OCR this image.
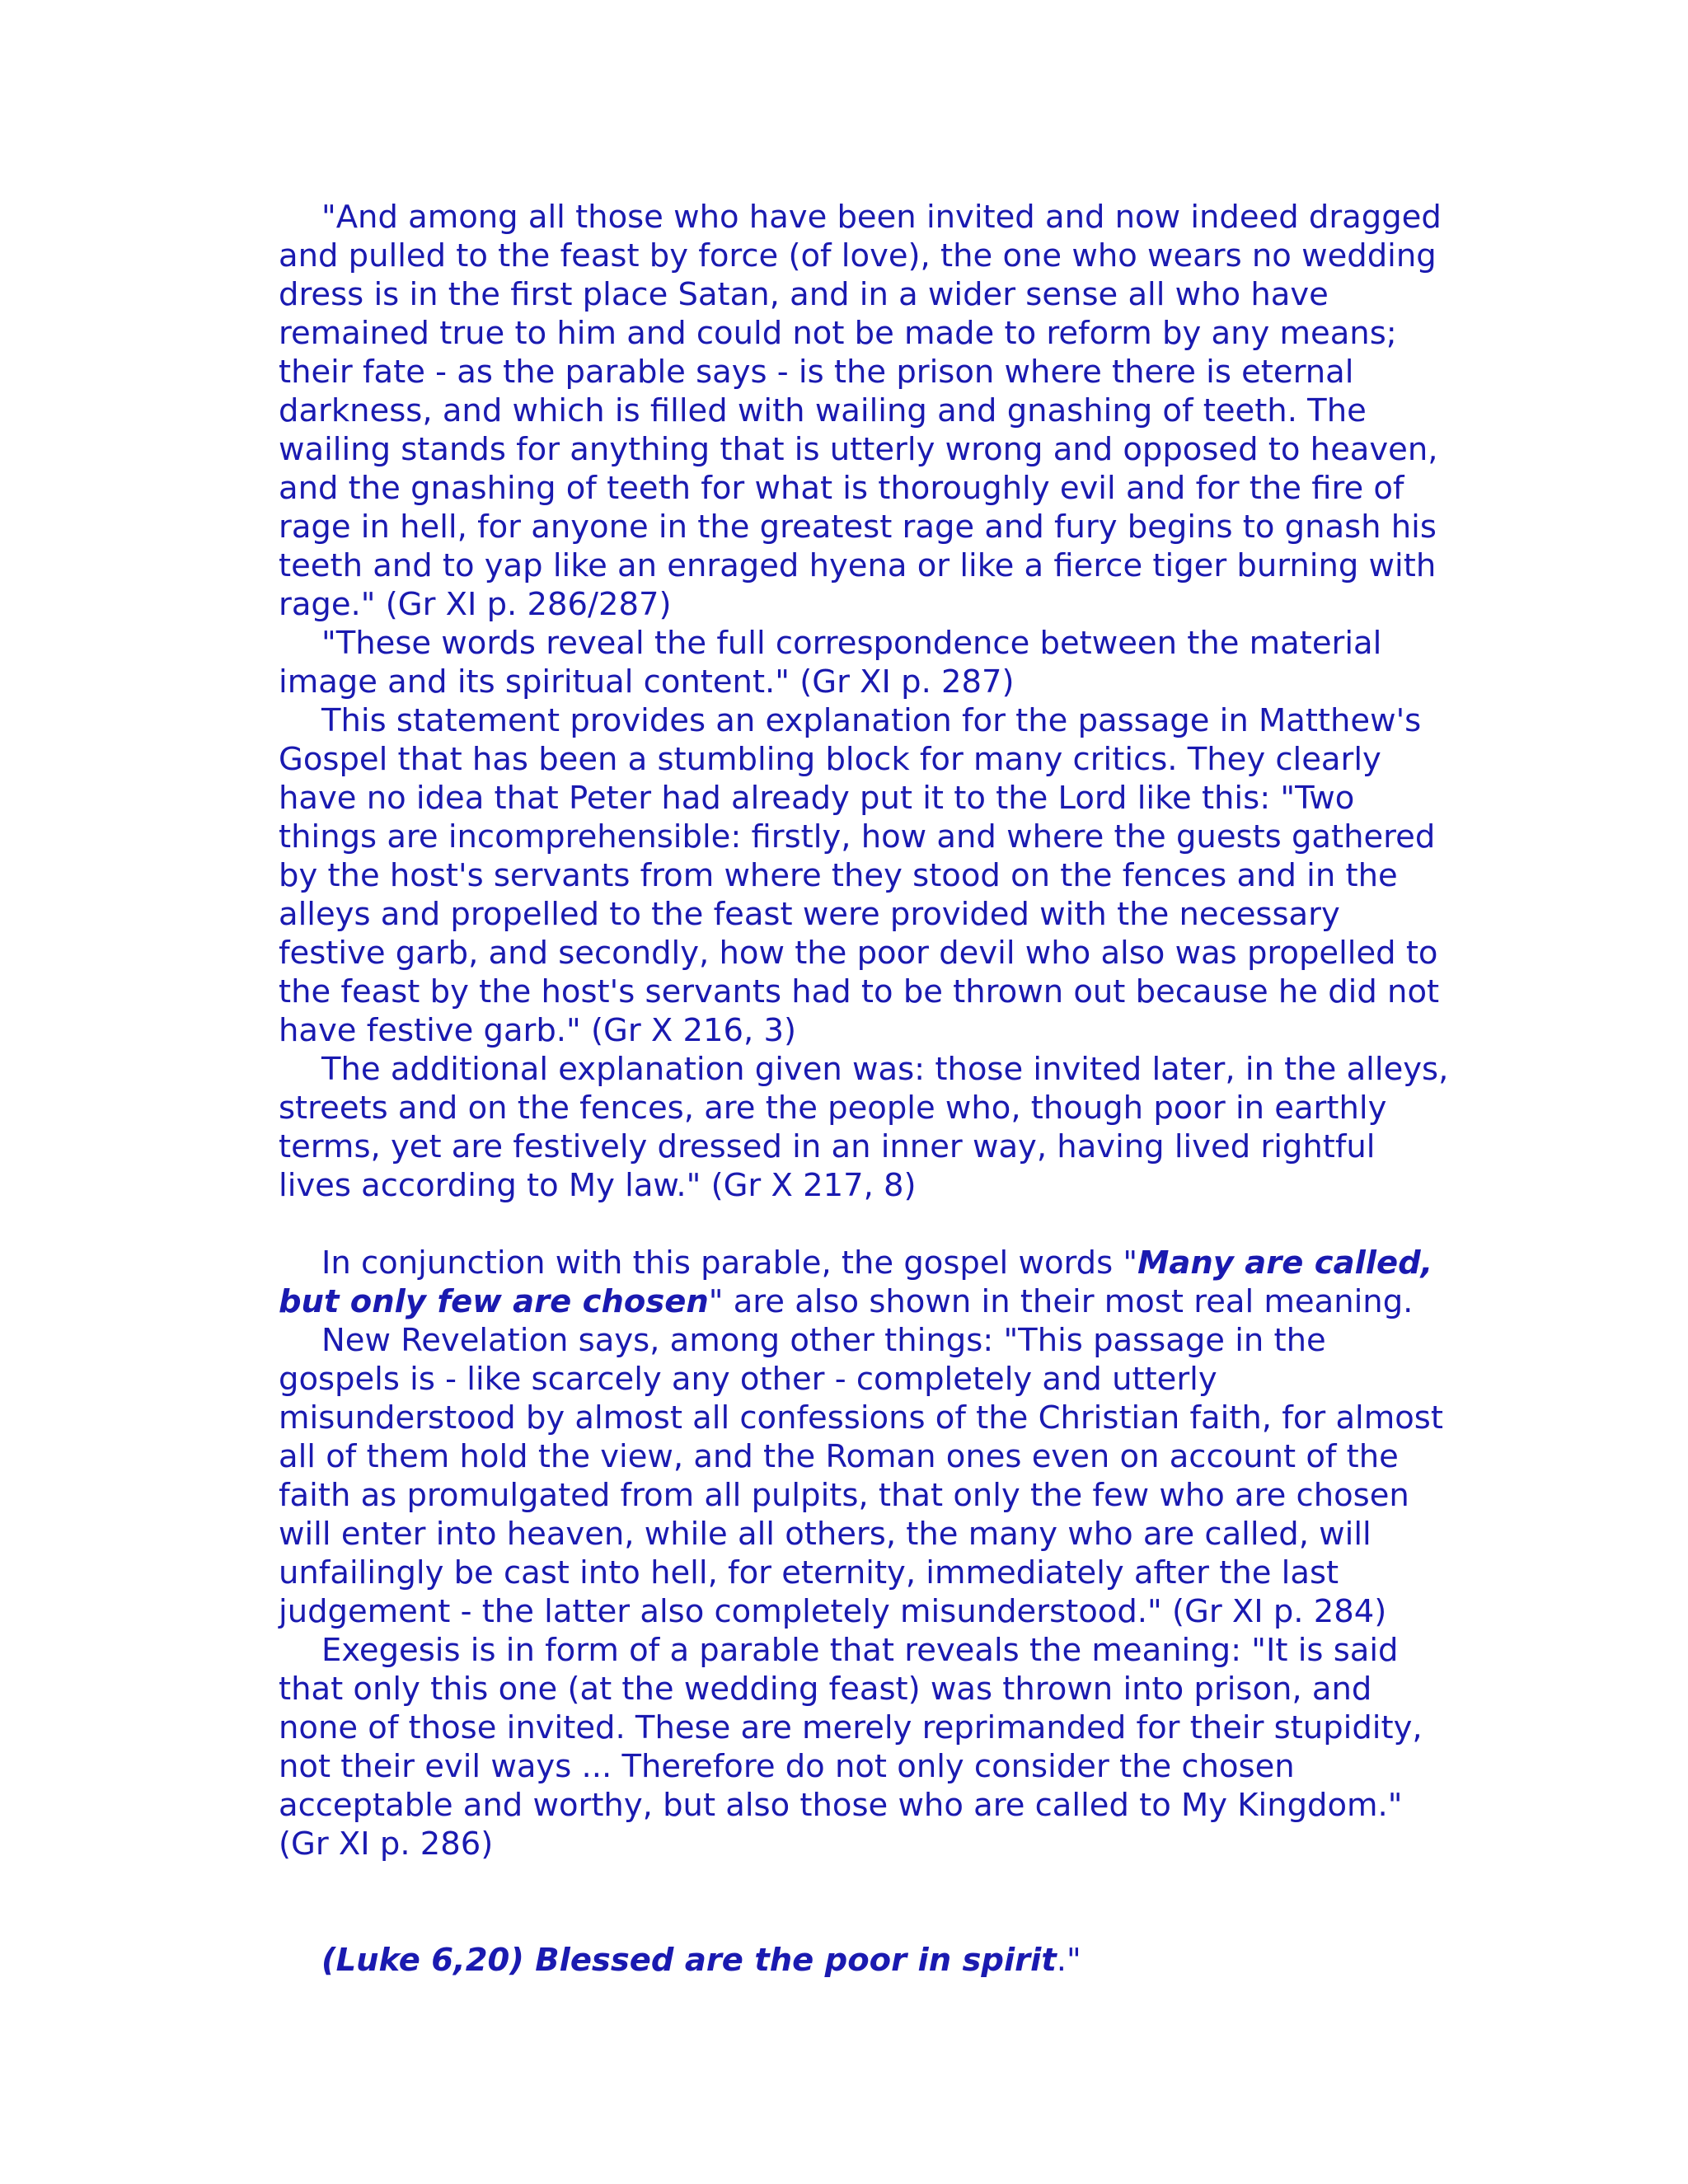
"And among all those who have been invited and now indeed dragged
and pulled to the feast by force (of love), the one who wears no wedding
dress is in the first place Satan, and in a wider sense all who have
remained true to him and could not be made to reform by any means;
their fate - as the parable says - is the prison where there is eternal
darkness, and which is filled with wailing and gnashing of teeth. The
wailing stands for anything that is utterly wrong and opposed to heaven,
and the gnashing of teeth for what is thoroughly evil and for the fire of
rage in hell, for anyone in the greatest rage and fury begins to gnash his
teeth and to yap like an enraged hyena or like a fierce tiger burning with
rage." (Gr XI p. 286/287)
"These words reveal the full correspondence between the material
image and its spiritual content." (Gr XI p. 287)
This statement provides an explanation for the passage in Matthew's
Gospel that has been a stumbling block for many critics. They clearly
have no idea that Peter had already put it to the Lord like this: "Two
things are incomprehensible: firstly, how and where the guests gathered
by the host's servants from where they stood on the fences and in the
alleys and propelled to the feast were provided with the necessary
festive garb, and secondly, how the poor devil who also was propelled to
the feast by the host's servants had to be thrown out because he did not
have festive garb." (Gr X 216, 3)
The additional explanation given was: those invited later, in the alleys,
streets and on the fences, are the people who, though poor in earthly
terms, yet are festively dressed in an inner way, having lived rightful
lives according to My law." (Gr X 217, 8)
In conjunction with this parable, the gospel words "Many are called,
but only few are chosen" are also shown in their most real meaning.
New Revelation says, among other things: "This passage in the
gospels is - like scarcely any other - completely and utterly
misunderstood by almost all confessions of the Christian faith, for almost
all of them hold the view, and the Roman ones even on account of the
faith as promulgated from all pulpits, that only the few who are chosen
will enter into heaven, while all others, the many who are called, will
unfailingly be cast into hell, for eternity, immediately after the last
judgement - the latter also completely misunderstood." (Gr XI p. 284)
Exegesis is in form of a parable that reveals the meaning: "It is said
that only this one (at the wedding feast) was thrown into prison, and
none of those invited. These are merely reprimanded for their stupidity,
not their evil ways ... Therefore do not only consider the chosen
acceptable and worthy, but also those who are called to My Kingdom."
(Gr XI p. 286)
(Luke 6,20) Blessed are the poor in spirit."
